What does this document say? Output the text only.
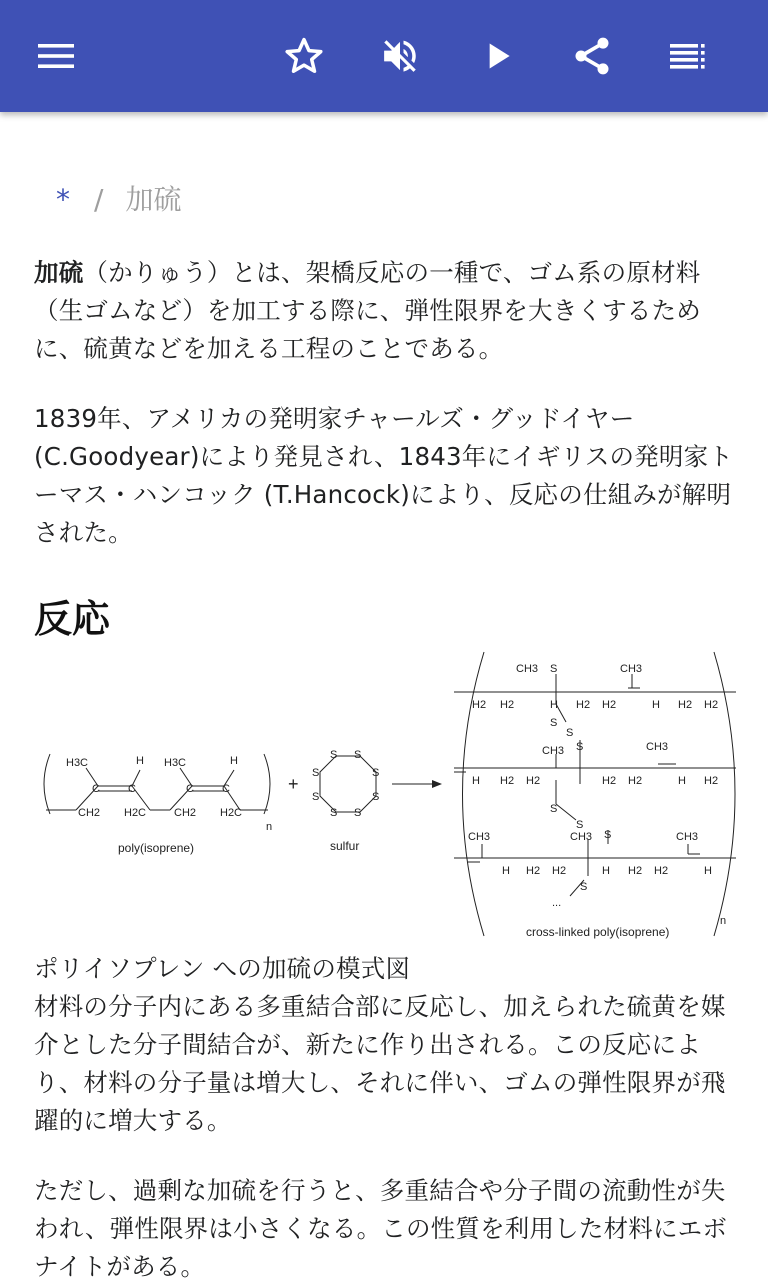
* / 加硫
加硫（かりゅう）とは、架橋反応の一種で、ゴム系の原材料（生ゴムなど）を加工する際に、弾性限界を大きくするために、硫黄などを加える工程のことである。
1839年、アメリカの発明家チャールズ・グッドイヤー(C.Goodyear)により発見され、1843年にイギリスの発明家トーマス・ハンコック (T.Hancock)により、反応の仕組みが解明された。
反応
H3C	H H3C	H
C	C	C	C
CH2 H2C	CH2 H2C
S S
S
S
S
S
S
S
CH3 S	CH3
H2 H2	H H2 H2	H H2 H2
S
S
CH3 S	CH3
H H2 H2	H2 H2	H H2
S
S
CH3	CH3 S	CH3
H H2 H2	H H2 H2	H
S
...
poly(isoprene)	sulfur
cross-linked poly(isoprene)
n
n
+
ポリイソプレン への加硫の模式図
材料の分子内にある多重結合部に反応し、加えられた硫黄を媒介とした分子間結合が、新たに作り出される。この反応により、材料の分子量は増大し、それに伴い、ゴムの弾性限界が飛躍的に増大する。
ただし、過剰な加硫を行うと、多重結合や分子間の流動性が失われ、弾性限界は小さくなる。この性質を利用した材料にエボナイトがある。
